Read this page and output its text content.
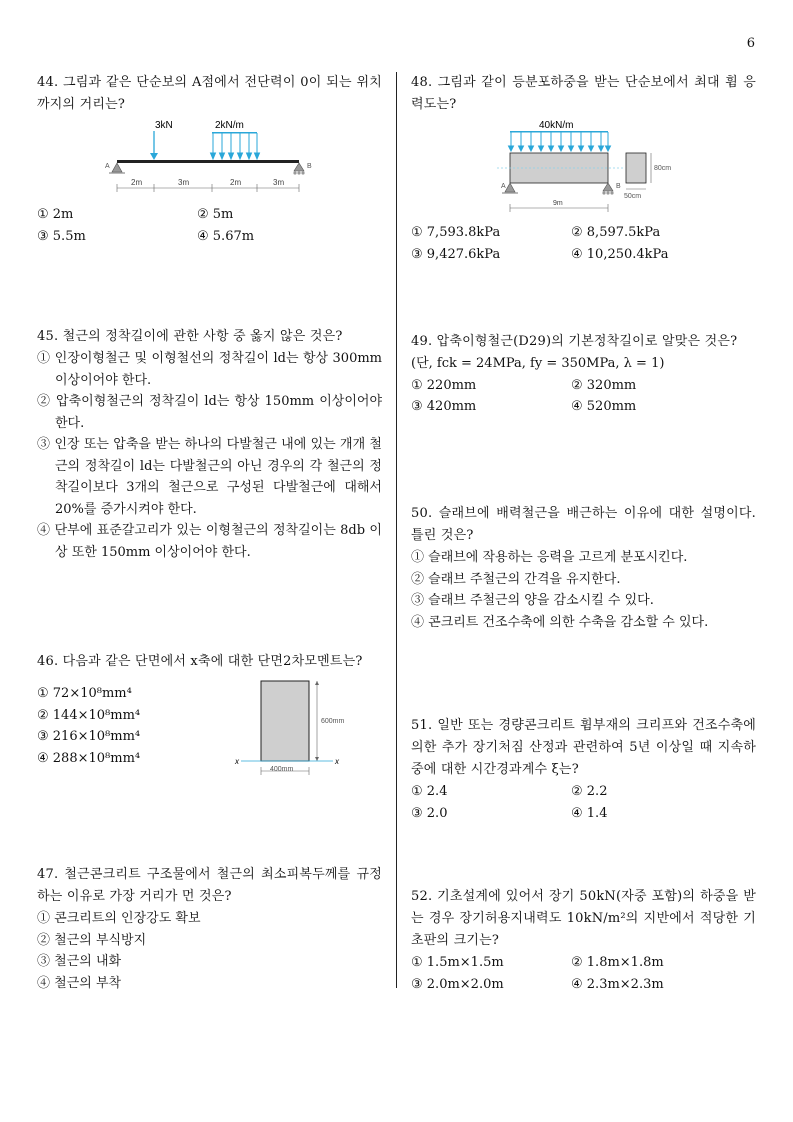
6
44. 그림과 같은 단순보의 A점에서 전단력이 0이 되는 위치 까지의 거리는?
3kN	2kN/m
A	B
2m	3m	2m	3m
① 2m	② 5m
③ 5.5m	④ 5.67m
45. 철근의 정착길이에 관한 사항 중 옳지 않은 것은?
① 인장이형철근 및 이형철선의 정착길이 ld는 항상 300mm 이상이어야 한다.
② 압축이형철근의 정착길이 ld는 항상 150mm 이상이어야 한다.
③ 인장 또는 압축을 받는 하나의 다발철근 내에 있는 개개 철근의 정착길이 ld는 다발철근의 아닌 경우의 각 철근의 정착길이보다 3개의 철근으로 구성된 다발철근에 대해서 20%를 증가시켜야 한다.
④ 단부에 표준갈고리가 있는 이형철근의 정착길이는 8db 이상 또한 150mm 이상이어야 한다.
46. 다음과 같은 단면에서 x축에 대한 단면2차모멘트는?
① 72×10⁸mm⁴
② 144×10⁸mm⁴
③ 216×10⁸mm⁴
④ 288×10⁸mm⁴
600mm
x	x
400mm
47. 철근콘크리트 구조물에서 철근의 최소피복두께를 규정하는 이유로 가장 거리가 먼 것은?
① 콘크리트의 인장강도 확보
② 철근의 부식방지
③ 철근의 내화
④ 철근의 부착
48. 그림과 같이 등분포하중을 받는 단순보에서 최대 휨 응력도는?
40kN/m
A	B
9m
80cm
50cm
① 7,593.8kPa	② 8,597.5kPa
③ 9,427.6kPa	④ 10,250.4kPa
49. 압축이형철근(D29)의 기본정착길이로 알맞은 것은?
(단, fck = 24MPa, fy = 350MPa, λ = 1)
① 220mm	② 320mm
③ 420mm	④ 520mm
50. 슬래브에 배력철근을 배근하는 이유에 대한 설명이다. 틀린 것은?
① 슬래브에 작용하는 응력을 고르게 분포시킨다.
② 슬래브 주철근의 간격을 유지한다.
③ 슬래브 주철근의 양을 감소시킬 수 있다.
④ 콘크리트 건조수축에 의한 수축을 감소할 수 있다.
51. 일반 또는 경량콘크리트 휨부재의 크리프와 건조수축에 의한 추가 장기처짐 산정과 관련하여 5년 이상일 때 지속하중에 대한 시간경과계수 ξ는?
① 2.4	② 2.2
③ 2.0	④ 1.4
52. 기초설계에 있어서 장기 50kN(자중 포함)의 하중을 받는 경우 장기허용지내력도 10kN/m²의 지반에서 적당한 기초판의 크기는?
① 1.5m×1.5m	② 1.8m×1.8m
③ 2.0m×2.0m	④ 2.3m×2.3m
